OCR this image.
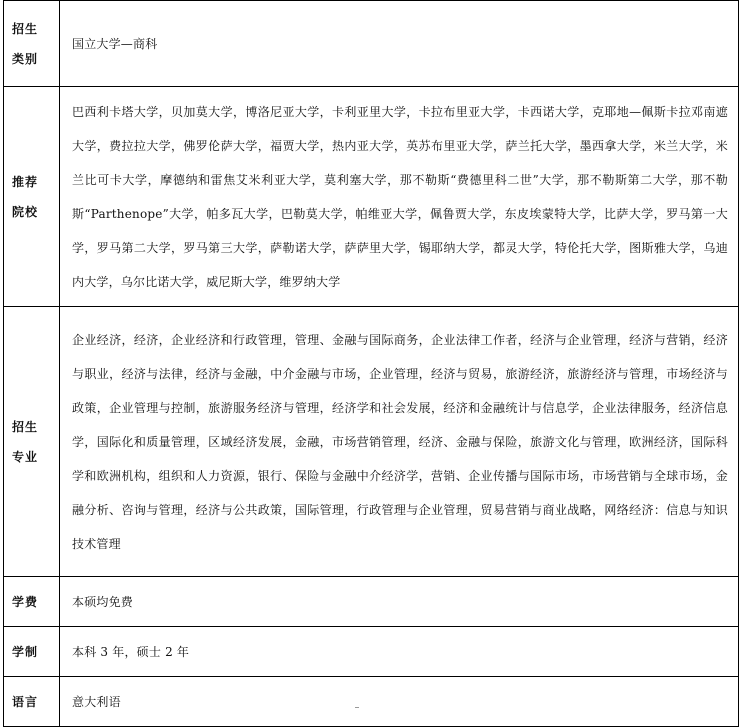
招生类别	国立大学—商科

推荐院校	巴西利卡塔大学，贝加莫大学，博洛尼亚大学，卡利亚里大学，卡拉布里亚大学，卡西诺大学，克耶地—佩斯卡拉邓南遮大学，费拉拉大学，佛罗伦萨大学，福贾大学，热内亚大学，英苏布里亚大学，萨兰托大学，墨西拿大学，米兰大学，米兰比可卡大学，摩德纳和雷焦艾米利亚大学，莫利塞大学，那不勒斯“费德里科二世”大学，那不勒斯第二大学，那不勒斯“Parthenope”大学，帕多瓦大学，巴勒莫大学，帕维亚大学，佩鲁贾大学，东皮埃蒙特大学，比萨大学，罗马第一大学，罗马第二大学，罗马第三大学，萨勒诺大学，萨萨里大学，锡耶纳大学，都灵大学，特伦托大学，图斯雅大学，乌迪内大学，乌尔比诺大学，威尼斯大学，维罗纳大学

招生专业	企业经济，经济，企业经济和行政管理，管理、金融与国际商务，企业法律工作者，经济与企业管理，经济与营销，经济与职业，经济与法律，经济与金融，中介金融与市场，企业管理，经济与贸易，旅游经济，旅游经济与管理，市场经济与政策，企业管理与控制，旅游服务经济与管理，经济学和社会发展，经济和金融统计与信息学，企业法律服务，经济信息学，国际化和质量管理，区域经济发展，金融，市场营销管理，经济、金融与保险，旅游文化与管理，欧洲经济，国际科学和欧洲机构，组织和人力资源，银行、保险与金融中介经济学，营销、企业传播与国际市场，市场营销与全球市场，金融分析、咨询与管理，经济与公共政策，国际管理，行政管理与企业管理，贸易营销与商业战略，网络经济：信息与知识技术管理

学费	本硕均免费

学制	本科 3 年，硕士 2 年

语言	意大利语
